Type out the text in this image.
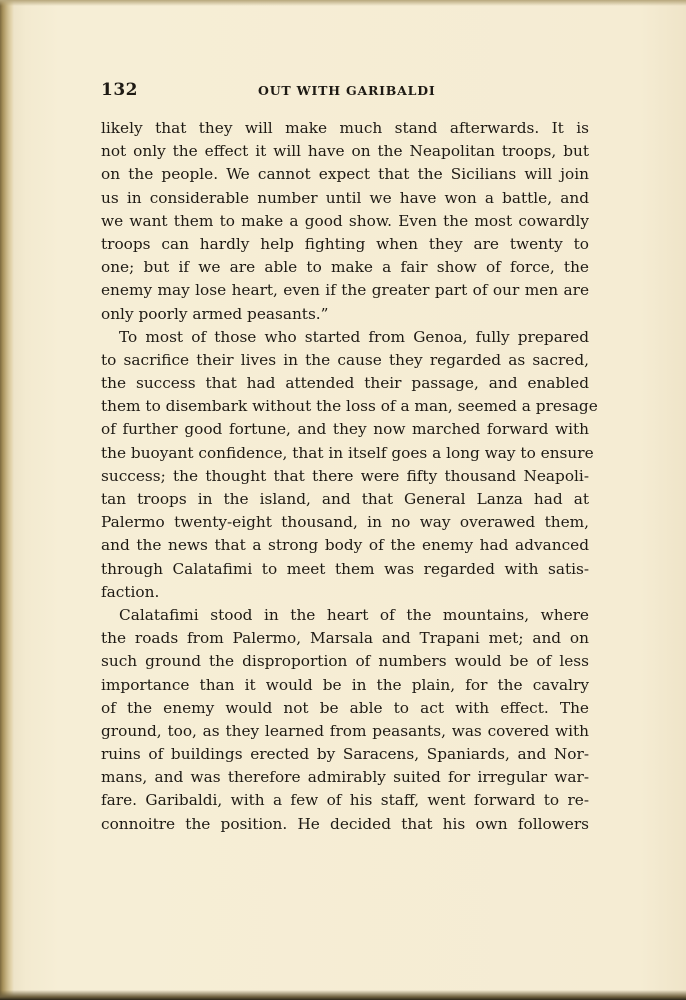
132	OUT WITH GARIBALDI
likely that they will make much stand afterwards. It is
not only the effect it will have on the Neapolitan troops, but
on the people. We cannot expect that the Sicilians will join
us in considerable number until we have won a battle, and
we want them to make a good show. Even the most cowardly
troops can hardly help fighting when they are twenty to
one; but if we are able to make a fair show of force, the
enemy may lose heart, even if the greater part of our men are
only poorly armed peasants.”
To most of those who started from Genoa, fully prepared
to sacrifice their lives in the cause they regarded as sacred,
the success that had attended their passage, and enabled
them to disembark without the loss of a man, seemed a presage
of further good fortune, and they now marched forward with
the buoyant confidence, that in itself goes a long way to ensure
success; the thought that there were fifty thousand Neapoli-
tan troops in the island, and that General Lanza had at
Palermo twenty-eight thousand, in no way overawed them,
and the news that a strong body of the enemy had advanced
through Calatafimi to meet them was regarded with satis-
faction.
Calatafimi stood in the heart of the mountains, where
the roads from Palermo, Marsala and Trapani met; and on
such ground the disproportion of numbers would be of less
importance than it would be in the plain, for the cavalry
of the enemy would not be able to act with effect. The
ground, too, as they learned from peasants, was covered with
ruins of buildings erected by Saracens, Spaniards, and Nor-
mans, and was therefore admirably suited for irregular war-
fare. Garibaldi, with a few of his staff, went forward to re-
connoitre the position. He decided that his own followers
